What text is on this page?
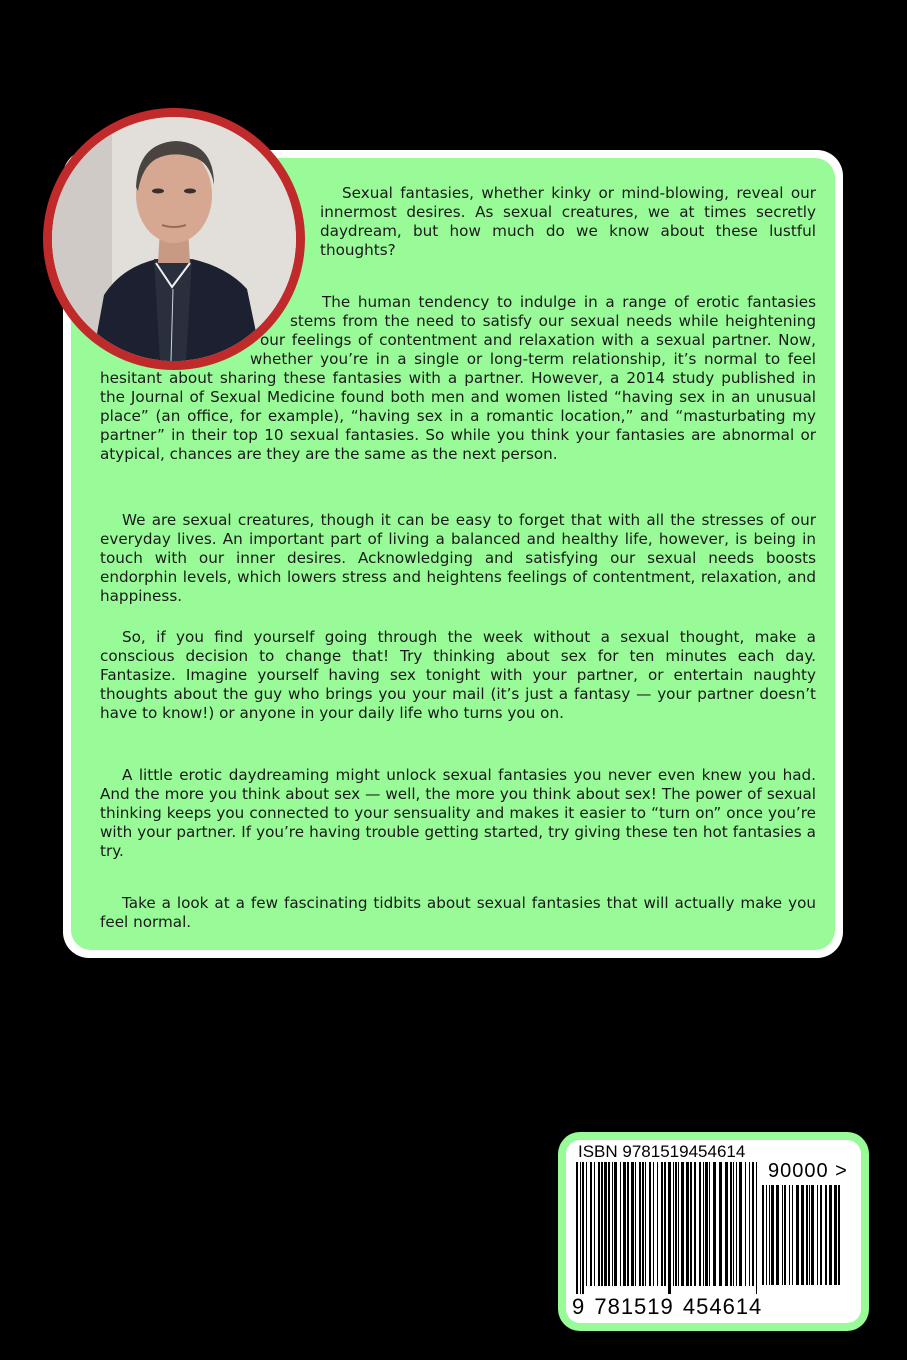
Sexual fantasies, whether kinky or mind-blowing, reveal our innermost desires. As sexual creatures, we at times secretly daydream, but how much do we know about these lustful thoughts?

The human tendency to indulge in a range of erotic fantasies stems from the need to satisfy our sexual needs while heightening our feelings of contentment and relaxation with a sexual partner. Now, whether you’re in a single or long-term relationship, it’s normal to feel hesitant about sharing these fantasies with a partner. However, a 2014 study published in the Journal of Sexual Medicine found both men and women listed “having sex in an unusual place” (an office, for example), “having sex in a romantic location,” and “masturbating my partner” in their top 10 sexual fantasies. So while you think your fantasies are abnormal or atypical, chances are they are the same as the next person.

We are sexual creatures, though it can be easy to forget that with all the stresses of our everyday lives. An important part of living a balanced and healthy life, however, is being in touch with our inner desires. Acknowledging and satisfying our sexual needs boosts endorphin levels, which lowers stress and heightens feelings of contentment, relaxation, and happiness.

So, if you find yourself going through the week without a sexual thought, make a conscious decision to change that! Try thinking about sex for ten minutes each day. Fantasize. Imagine yourself having sex tonight with your partner, or entertain naughty thoughts about the guy who brings you your mail (it’s just a fantasy — your partner doesn’t have to know!) or anyone in your daily life who turns you on.

A little erotic daydreaming might unlock sexual fantasies you never even knew you had. And the more you think about sex — well, the more you think about sex! The power of sexual thinking keeps you connected to your sensuality and makes it easier to “turn on” once you’re with your partner. If you’re having trouble getting started, try giving these ten hot fantasies a try.

Take a look at a few fascinating tidbits about sexual fantasies that will actually make you feel normal.

ISBN 9781519454614

90000 >

9 781519 454614
